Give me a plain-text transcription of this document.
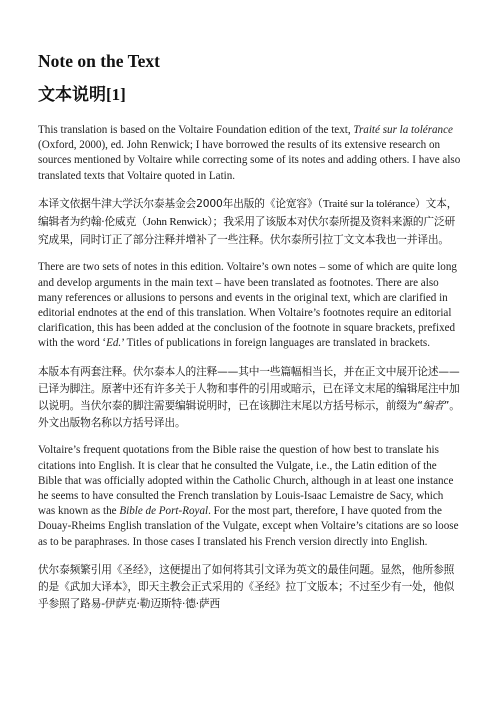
Note on the Text
文本说明[1]

This translation is based on the Voltaire Foundation edition of the text, Traité sur la tolérance (Oxford, 2000), ed. John Renwick; I have borrowed the results of its extensive research on sources mentioned by Voltaire while correcting some of its notes and adding others. I have also translated texts that Voltaire quoted in Latin.

本译文依据牛津大学沃尔泰基金会2000年出版的《论宽容》（Traité sur la tolérance）文本，编辑者为约翰·伦威克（John Renwick）；我采用了该版本对伏尔泰所提及资料来源的广泛研究成果，同时订正了部分注释并增补了一些注释。伏尔泰所引拉丁文文本我也一并译出。

There are two sets of notes in this edition. Voltaire’s own notes – some of which are quite long and develop arguments in the main text – have been translated as footnotes. There are also many references or allusions to persons and events in the original text, which are clarified in editorial endnotes at the end of this translation. When Voltaire’s footnotes require an editorial clarification, this has been added at the conclusion of the footnote in square brackets, prefixed with the word ‘Ed.’ Titles of publications in foreign languages are translated in brackets.

本版本有两套注释。伏尔泰本人的注释——其中一些篇幅相当长，并在正文中展开论述——已译为脚注。原著中还有许多关于人物和事件的引用或暗示，已在译文末尾的编辑尾注中加以说明。当伏尔泰的脚注需要编辑说明时，已在该脚注末尾以方括号标示，前缀为“编者”。外文出版物名称以方括号译出。

Voltaire’s frequent quotations from the Bible raise the question of how best to translate his citations into English. It is clear that he consulted the Vulgate, i.e., the Latin edition of the Bible that was officially adopted within the Catholic Church, although in at least one instance he seems to have consulted the French translation by Louis-Isaac Lemaistre de Sacy, which was known as the Bible de Port-Royal. For the most part, therefore, I have quoted from the Douay-Rheims English translation of the Vulgate, except when Voltaire’s citations are so loose as to be paraphrases. In those cases I translated his French version directly into English.

伏尔泰频繁引用《圣经》，这便提出了如何将其引文译为英文的最佳问题。显然，他所参照的是《武加大译本》，即天主教会正式采用的《圣经》拉丁文版本；不过至少有一处，他似乎参照了路易-伊萨克·勒迈斯特·德·萨西
